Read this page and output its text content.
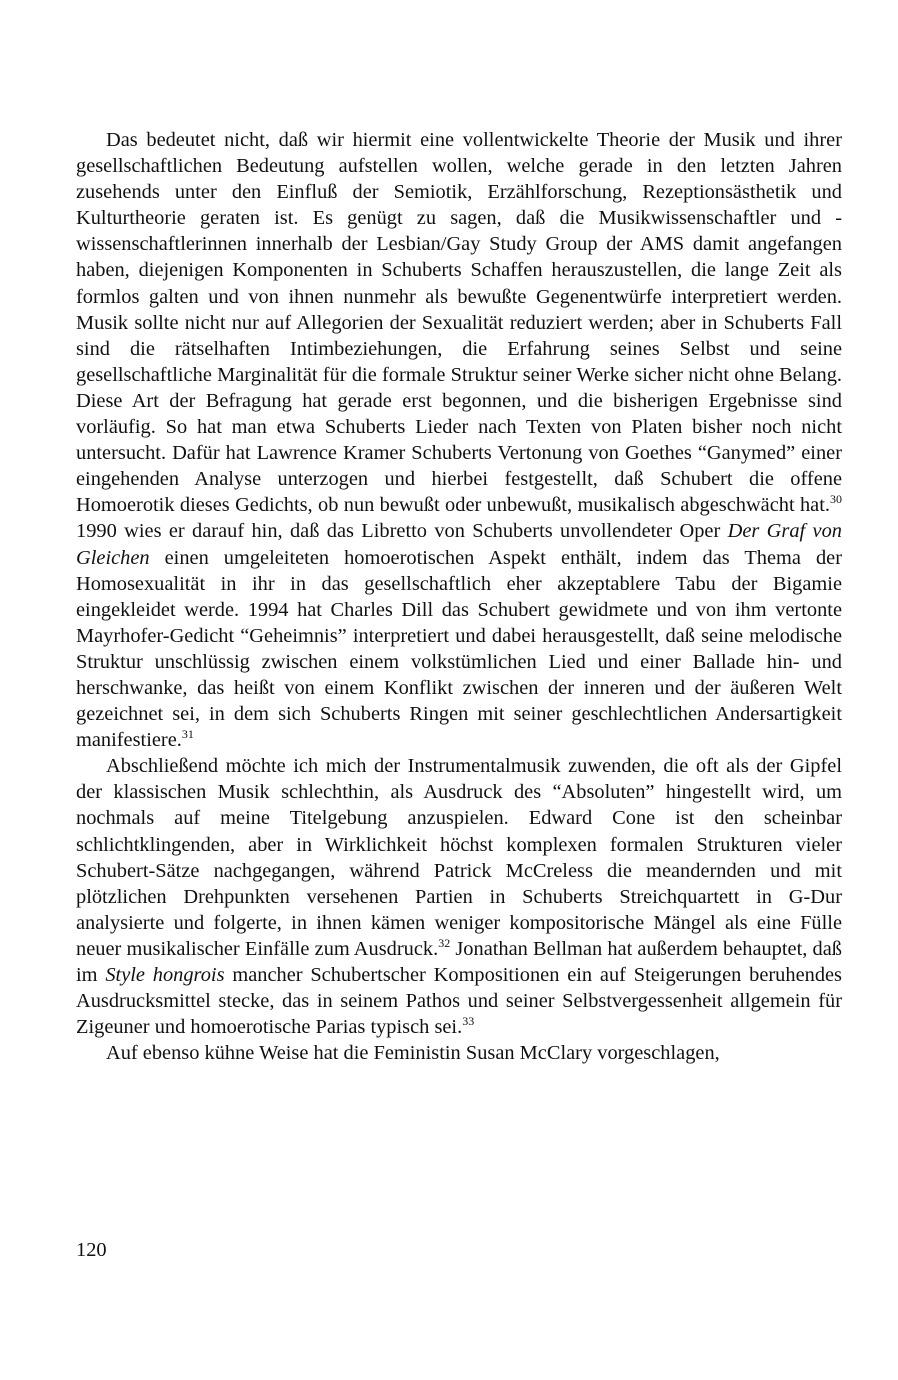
Das bedeutet nicht, daß wir hiermit eine vollentwickelte Theorie der Musik und ihrer gesellschaftlichen Bedeutung aufstellen wollen, welche gerade in den letzten Jahren zusehends unter den Einfluß der Semiotik, Erzählforschung, Rezeptionsästhetik und Kulturtheorie geraten ist. Es genügt zu sagen, daß die Musikwissenschaftler und -wissenschaftlerinnen innerhalb der Lesbian/Gay Study Group der AMS damit angefangen haben, diejenigen Komponenten in Schuberts Schaffen herauszustellen, die lange Zeit als formlos galten und von ihnen nunmehr als bewußte Gegenentwürfe interpretiert werden. Musik sollte nicht nur auf Allegorien der Sexualität reduziert werden; aber in Schuberts Fall sind die rätselhaften Intimbeziehungen, die Erfahrung seines Selbst und seine gesellschaftliche Marginalität für die formale Struktur seiner Werke sicher nicht ohne Belang. Diese Art der Befragung hat gerade erst begonnen, und die bisherigen Ergebnisse sind vorläufig. So hat man etwa Schuberts Lieder nach Texten von Platen bisher noch nicht untersucht. Dafür hat Lawrence Kramer Schuberts Vertonung von Goethes “Ganymed” einer eingehenden Analyse unterzogen und hierbei festgestellt, daß Schubert die offene Homoerotik dieses Gedichts, ob nun bewußt oder unbewußt, musikalisch abgeschwächt hat.$^{30}$ 1990 wies er darauf hin, daß das Libretto von Schuberts unvollendeter Oper Der Graf von Gleichen einen umgeleiteten homoerotischen Aspekt enthält, indem das Thema der Homosexualität in ihr in das gesellschaftlich eher akzeptablere Tabu der Bigamie eingekleidet werde. 1994 hat Charles Dill das Schubert gewidmete und von ihm vertonte Mayrhofer-Gedicht “Geheimnis” interpretiert und dabei herausgestellt, daß seine melodische Struktur unschlüssig zwischen einem volkstümlichen Lied und einer Ballade hin- und herschwanke, das heißt von einem Konflikt zwischen der inneren und der äußeren Welt gezeichnet sei, in dem sich Schuberts Ringen mit seiner geschlechtlichen Andersartigkeit manifestiere.$^{31}$

Abschließend möchte ich mich der Instrumentalmusik zuwenden, die oft als der Gipfel der klassischen Musik schlechthin, als Ausdruck des “Absoluten” hingestellt wird, um nochmals auf meine Titelgebung anzuspielen. Edward Cone ist den scheinbar schlichtklingenden, aber in Wirklichkeit höchst komplexen formalen Strukturen vieler Schubert-Sätze nachgegangen, während Patrick McCreless die meandernden und mit plötzlichen Drehpunkten versehenen Partien in Schuberts Streichquartett in G-Dur analysierte und folgerte, in ihnen kämen weniger kompositorische Mängel als eine Fülle neuer musikalischer Einfälle zum Ausdruck.$^{32}$ Jonathan Bellman hat außerdem behauptet, daß im Style hongrois mancher Schubertscher Kompositionen ein auf Steigerungen beruhendes Ausdrucksmittel stecke, das in seinem Pathos und seiner Selbstvergessenheit allgemein für Zigeuner und homoerotische Parias typisch sei.$^{33}$

Auf ebenso kühne Weise hat die Feministin Susan McClary vorgeschlagen,

120
